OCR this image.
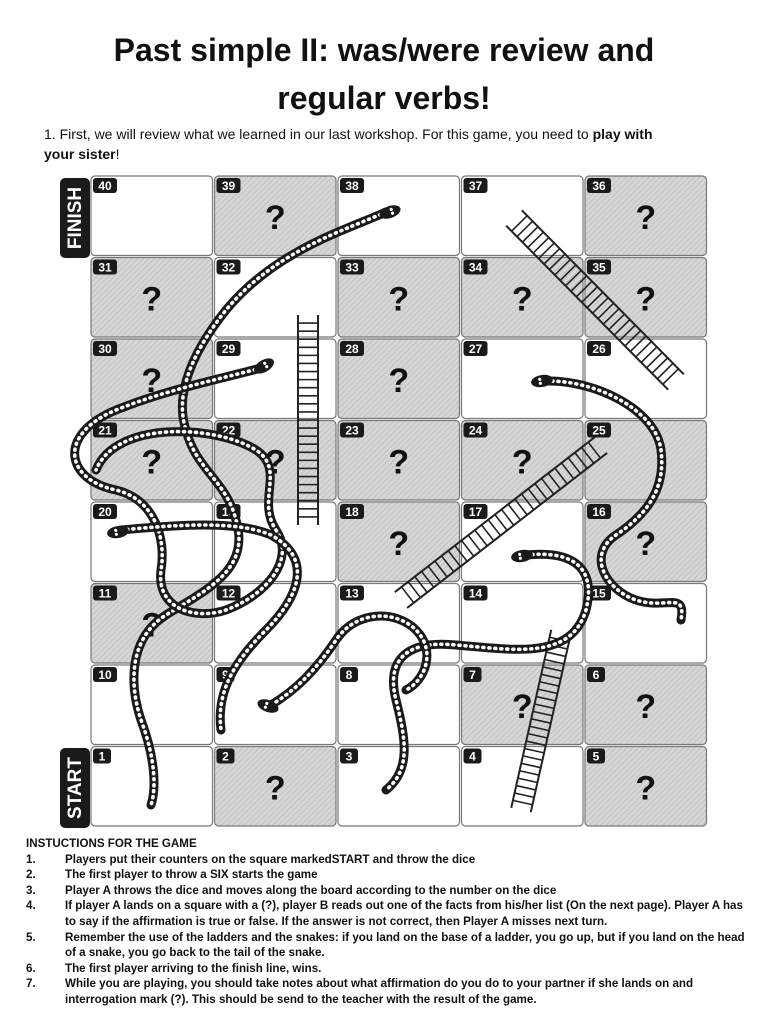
Past simple II: was/were review and
regular verbs!
1. First, we will review what we learned in our last workshop. For this game, you need to play with
your sister!
40	39
?
38	37	36
?
31
?
32	33
?
34
?
35
?
30
?
29	28
?
27	26
21
?
22
?
23
?
24
?
25
20	19	18
?
17	16
?
11
?
12	13	14	15
10	9	8	7
?
6
?
1	2
?
3	4	5
?
FINISH
START
INSTUCTIONS FOR THE GAME
1.	Players put their counters on the square markedSTART and throw the dice
2.	The first player to throw a SIX starts the game
3.	Player A throws the dice and moves along the board according to the number on the dice
4.	If player A lands on a square with a (?), player B reads out one of the facts from his/her list (On the next page). Player A has to say if the affirmation is true or false. If the answer is not correct, then Player A misses next turn.
5.	Remember the use of the ladders and the snakes: if you land on the base of a ladder, you go up, but if you land on the head of a snake, you go back to the tail of the snake.
6.	The first player arriving to the finish line, wins.
7.	While you are playing, you should take notes about what affirmation do you do to your partner if she lands on and interrogation mark (?). This should be send to the teacher with the result of the game.
